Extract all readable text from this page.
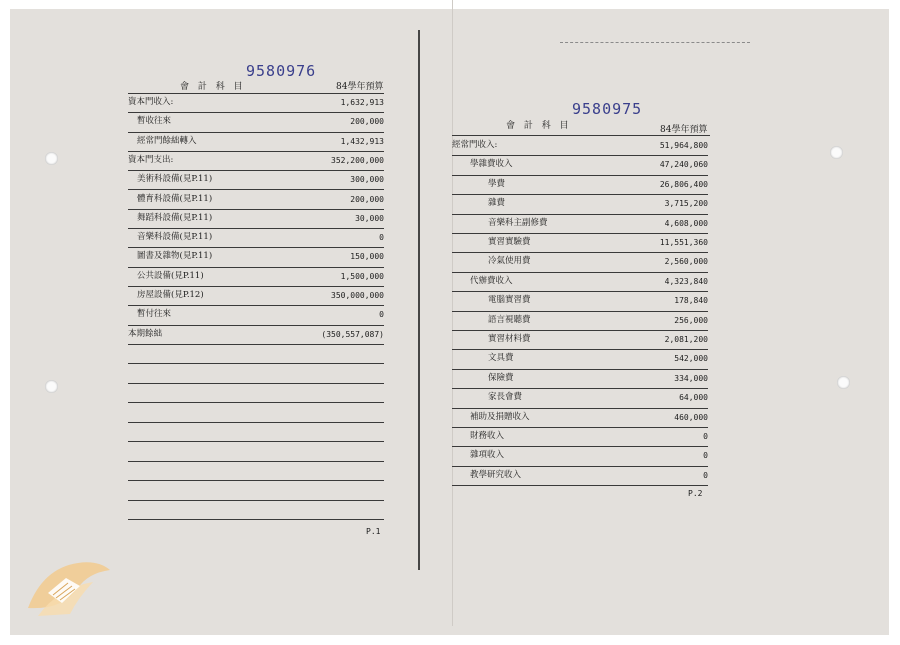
9580976
會 計 科 目	84學年預算
資本門收入:	1,632,913
暫收往來	200,000
經常門餘絀轉入	1,432,913
資本門支出:	352,200,000
美術科設備(見P.11)	300,000
體育科設備(見P.11)	200,000
舞蹈科設備(見P.11)	30,000
音樂科設備(見P.11)	0
圖書及雜物(見P.11)	150,000
公共設備(見P.11)	1,500,000
房屋設備(見P.12)	350,000,000
暫付往來	0
本期餘絀	(350,557,087)
P.1
9580975
會 計 科 目	84學年預算
經常門收入:	51,964,800
學雜費收入	47,240,060
學費	26,806,400
雜費	3,715,200
音樂科主副修費	4,608,000
實習實驗費	11,551,360
冷氣使用費	2,560,000
代辦費收入	4,323,840
電腦實習費	178,840
語言視聽費	256,000
實習材料費	2,081,200
文具費	542,000
保險費	334,000
家長會費	64,000
補助及捐贈收入	460,000
財務收入	0
雜項收入	0
教學研究收入	0
P.2
